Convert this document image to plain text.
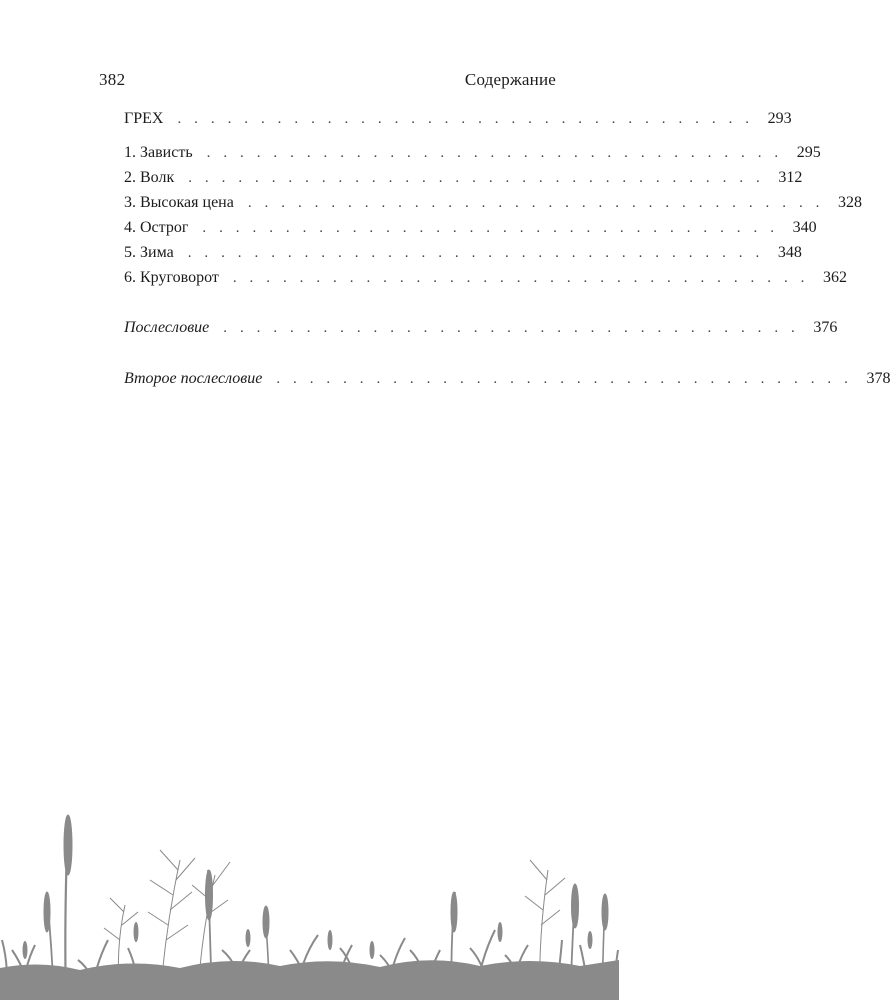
382	Содержание
ГРЕХ . . . . . . . . . . . . . . . . . . . . . . . . . . . . . . . . . . . 293
1. Зависть . . . . . . . . . . . . . . . . . . . . . . . . . . . . . . . . . . . 295
2. Волк . . . . . . . . . . . . . . . . . . . . . . . . . . . . . . . . . . . 312
3. Высокая цена . . . . . . . . . . . . . . . . . . . . . . . . . . . . . . . . . . . 328
4. Острог . . . . . . . . . . . . . . . . . . . . . . . . . . . . . . . . . . . 340
5. Зима . . . . . . . . . . . . . . . . . . . . . . . . . . . . . . . . . . . 348
6. Круговорот . . . . . . . . . . . . . . . . . . . . . . . . . . . . . . . . . . . 362
Послесловие . . . . . . . . . . . . . . . . . . . . . . . . . . . . . . . . . . . 376
Второе послесловие . . . . . . . . . . . . . . . . . . . . . . . . . . . . . . . . . . . 378
